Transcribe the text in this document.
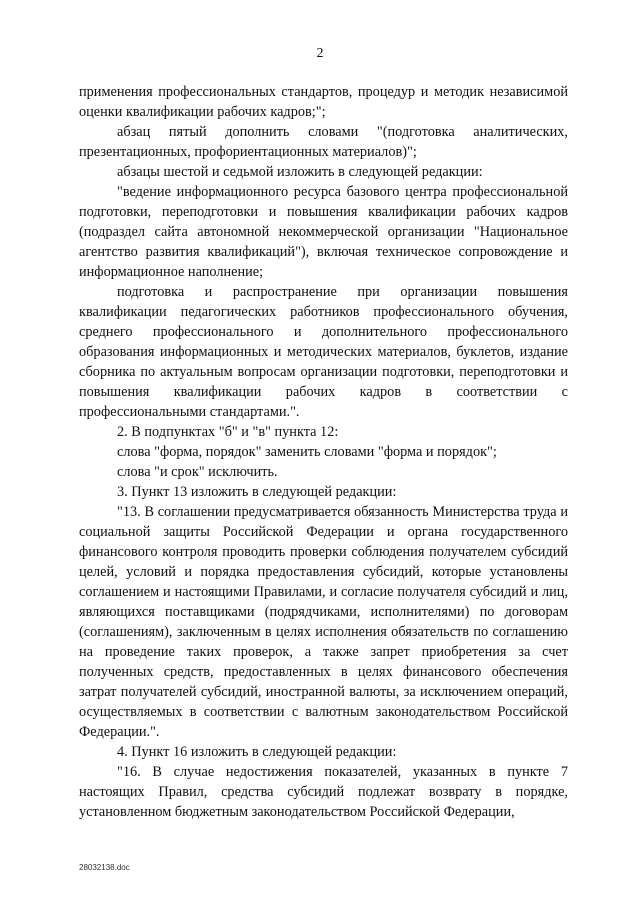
2

применения профессиональных стандартов, процедур и методик независимой оценки квалификации рабочих кадров;";

абзац пятый дополнить словами "(подготовка аналитических, презентационных, профориентационных материалов)";

абзацы шестой и седьмой изложить в следующей редакции:

"ведение информационного ресурса базового центра профессиональной подготовки, переподготовки и повышения квалификации рабочих кадров (подраздел сайта автономной некоммерческой организации "Национальное агентство развития квалификаций"), включая техническое сопровождение и информационное наполнение;

подготовка и распространение при организации повышения квалификации педагогических работников профессионального обучения, среднего профессионального и дополнительного профессионального образования информационных и методических материалов, буклетов, издание сборника по актуальным вопросам организации подготовки, переподготовки и повышения квалификации рабочих кадров в соответствии с профессиональными стандартами.".

2. В подпунктах "б" и "в" пункта 12:

слова "форма, порядок" заменить словами "форма и порядок";

слова "и срок" исключить.

3. Пункт 13 изложить в следующей редакции:

"13. В соглашении предусматривается обязанность Министерства труда и социальной защиты Российской Федерации и органа государственного финансового контроля проводить проверки соблюдения получателем субсидий целей, условий и порядка предоставления субсидий, которые установлены соглашением и настоящими Правилами, и согласие получателя субсидий и лиц, являющихся поставщиками (подрядчиками, исполнителями) по договорам (соглашениям), заключенным в целях исполнения обязательств по соглашению на проведение таких проверок, а также запрет приобретения за счет полученных средств, предоставленных в целях финансового обеспечения затрат получателей субсидий, иностранной валюты, за исключением операций, осуществляемых в соответствии с валютным законодательством Российской Федерации.".

4. Пункт 16 изложить в следующей редакции:

"16. В случае недостижения показателей, указанных в пункте 7 настоящих Правил, средства субсидий подлежат возврату в порядке, установленном бюджетным законодательством Российской Федерации,

28032138.doc
